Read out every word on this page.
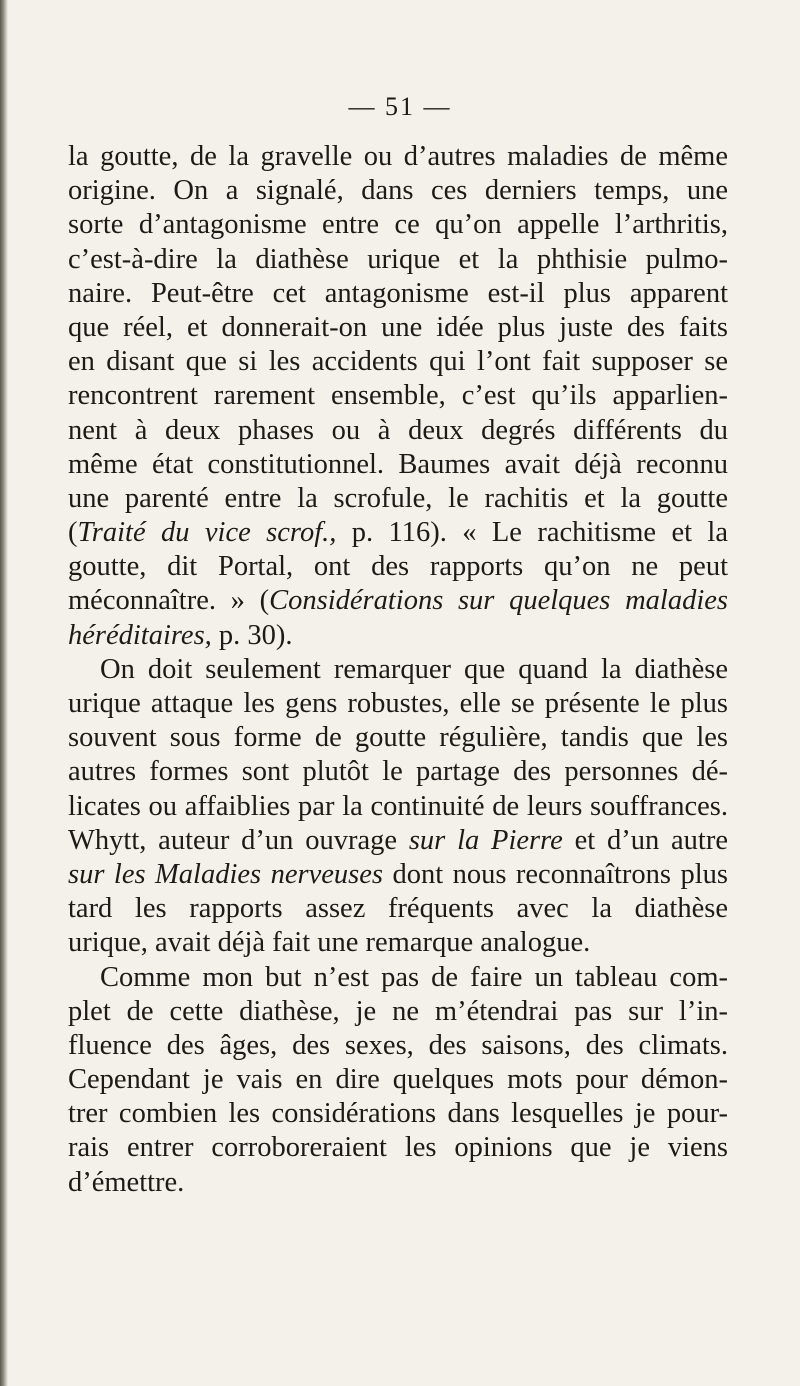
— 51 —
la goutte, de la gravelle ou d’autres maladies de même
origine. On a signalé, dans ces derniers temps, une
sorte d’antagonisme entre ce qu’on appelle l’arthritis,
c’est-à-dire la diathèse urique et la phthisie pulmo-
naire. Peut-être cet antagonisme est-il plus apparent
que réel, et donnerait-on une idée plus juste des faits
en disant que si les accidents qui l’ont fait supposer se
rencontrent rarement ensemble, c’est qu’ils apparlien-
nent à deux phases ou à deux degrés différents du
même état constitutionnel. Baumes avait déjà reconnu
une parenté entre la scrofule, le rachitis et la goutte
(Traité du vice scrof., p. 116). « Le rachitisme et la
goutte, dit Portal, ont des rapports qu’on ne peut
méconnaître. » (Considérations sur quelques maladies
héréditaires, p. 30).
On doit seulement remarquer que quand la diathèse
urique attaque les gens robustes, elle se présente le plus
souvent sous forme de goutte régulière, tandis que les
autres formes sont plutôt le partage des personnes dé-
licates ou affaiblies par la continuité de leurs souffrances.
Whytt, auteur d’un ouvrage sur la Pierre et d’un autre
sur les Maladies nerveuses dont nous reconnaîtrons plus
tard les rapports assez fréquents avec la diathèse
urique, avait déjà fait une remarque analogue.
Comme mon but n’est pas de faire un tableau com-
plet de cette diathèse, je ne m’étendrai pas sur l’in-
fluence des âges, des sexes, des saisons, des climats.
Cependant je vais en dire quelques mots pour démon-
trer combien les considérations dans lesquelles je pour-
rais entrer corroboreraient les opinions que je viens
d’émettre.
